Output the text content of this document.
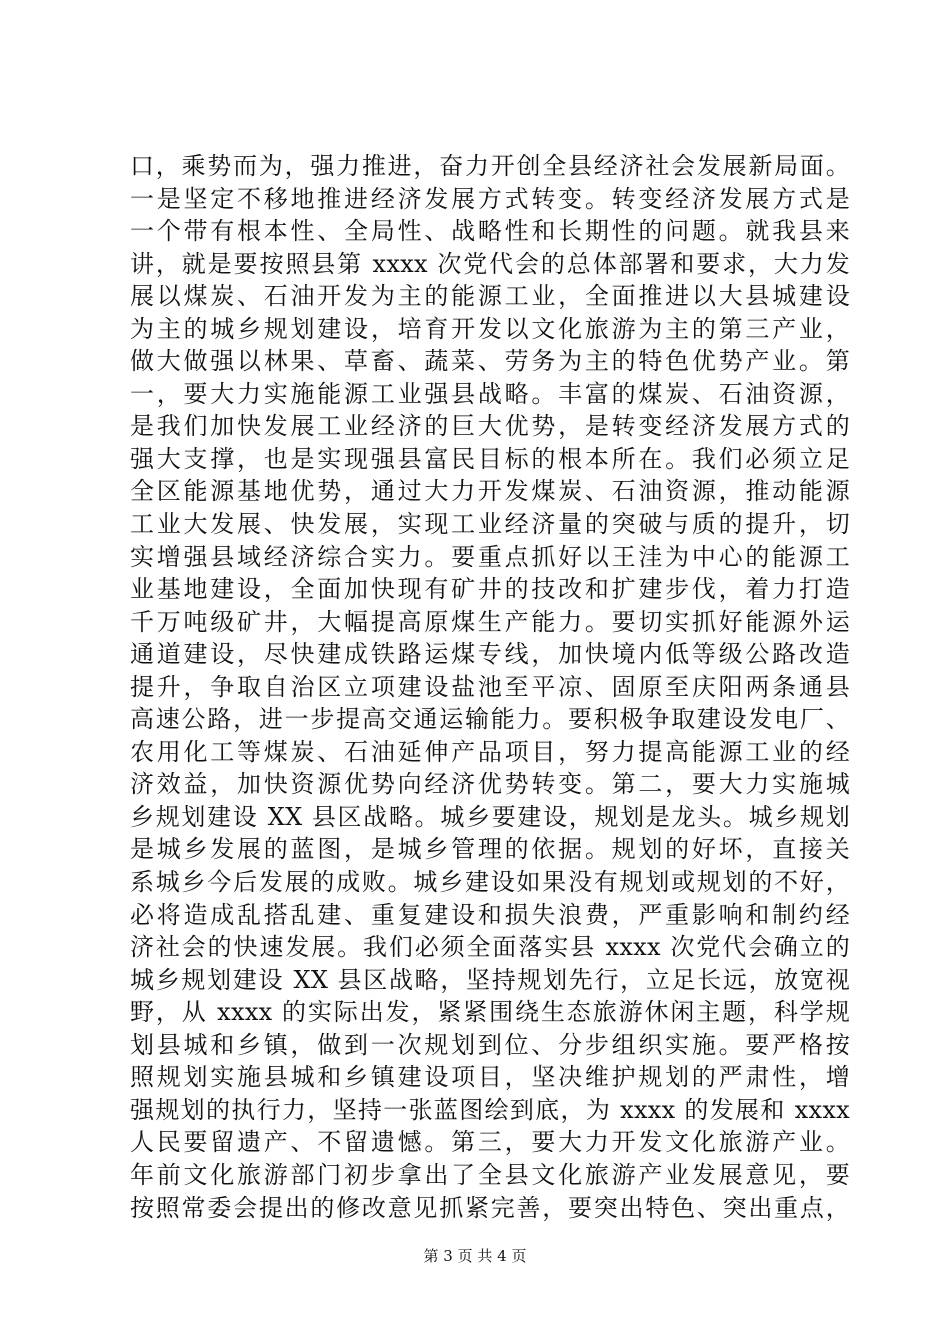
口，乘势而为，强力推进，奋力开创全县经济社会发展新局面。
一是坚定不移地推进经济发展方式转变。转变经济发展方式是
一个带有根本性、全局性、战略性和长期性的问题。就我县来
讲，就是要按照县第 xxxx 次党代会的总体部署和要求，大力发
展以煤炭、石油开发为主的能源工业，全面推进以大县城建设
为主的城乡规划建设，培育开发以文化旅游为主的第三产业，
做大做强以林果、草畜、蔬菜、劳务为主的特色优势产业。第
一，要大力实施能源工业强县战略。丰富的煤炭、石油资源，
是我们加快发展工业经济的巨大优势，是转变经济发展方式的
强大支撑，也是实现强县富民目标的根本所在。我们必须立足
全区能源基地优势，通过大力开发煤炭、石油资源，推动能源
工业大发展、快发展，实现工业经济量的突破与质的提升，切
实增强县域经济综合实力。要重点抓好以王洼为中心的能源工
业基地建设，全面加快现有矿井的技改和扩建步伐，着力打造
千万吨级矿井，大幅提高原煤生产能力。要切实抓好能源外运
通道建设，尽快建成铁路运煤专线，加快境内低等级公路改造
提升，争取自治区立项建设盐池至平凉、固原至庆阳两条通县
高速公路，进一步提高交通运输能力。要积极争取建设发电厂、
农用化工等煤炭、石油延伸产品项目，努力提高能源工业的经
济效益，加快资源优势向经济优势转变。第二，要大力实施城
乡规划建设 XX 县区战略。城乡要建设，规划是龙头。城乡规划
是城乡发展的蓝图，是城乡管理的依据。规划的好坏，直接关
系城乡今后发展的成败。城乡建设如果没有规划或规划的不好，
必将造成乱搭乱建、重复建设和损失浪费，严重影响和制约经
济社会的快速发展。我们必须全面落实县 xxxx 次党代会确立的
城乡规划建设 XX 县区战略，坚持规划先行，立足长远，放宽视
野，从 xxxx 的实际出发，紧紧围绕生态旅游休闲主题，科学规
划县城和乡镇，做到一次规划到位、分步组织实施。要严格按
照规划实施县城和乡镇建设项目，坚决维护规划的严肃性，增
强规划的执行力，坚持一张蓝图绘到底，为 xxxx 的发展和 xxxx
人民要留遗产、不留遗憾。第三，要大力开发文化旅游产业。
年前文化旅游部门初步拿出了全县文化旅游产业发展意见，要
按照常委会提出的修改意见抓紧完善，要突出特色、突出重点，
第 3 页 共 4 页
